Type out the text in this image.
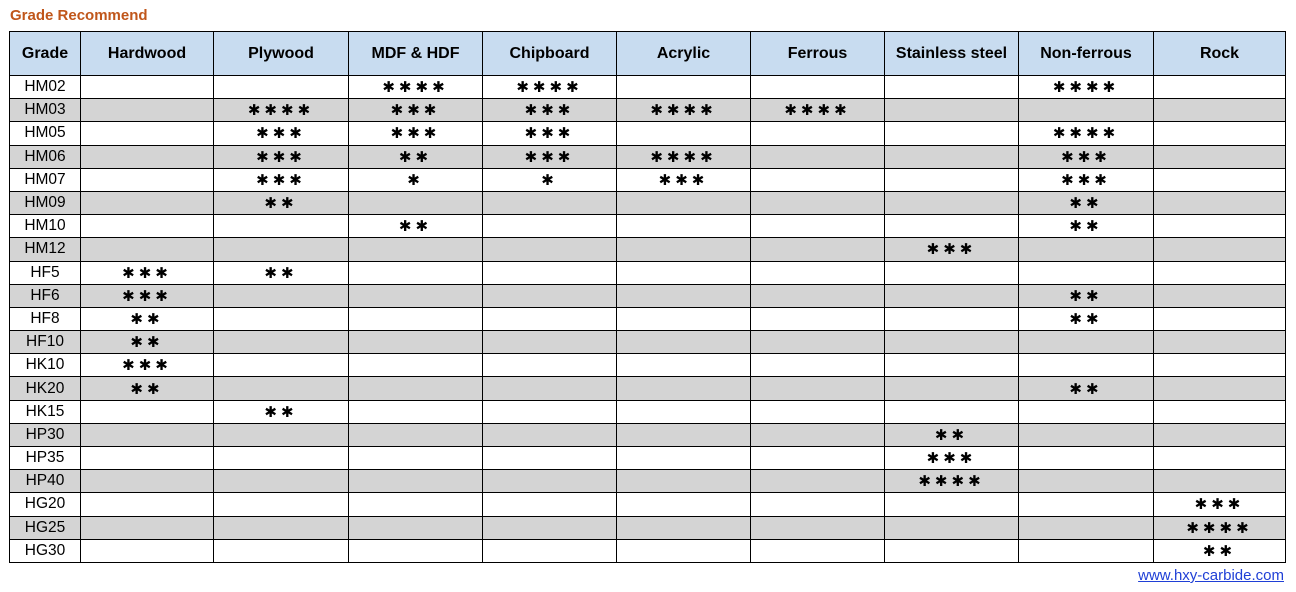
Grade Recommend
Grade	Hardwood	Plywood	MDF & HDF	Chipboard	Acrylic	Ferrous	Stainless steel	Non-ferrous	Rock
HM02			✱✱✱✱	✱✱✱✱				✱✱✱✱	
HM03		✱✱✱✱	✱✱✱	✱✱✱	✱✱✱✱	✱✱✱✱			
HM05		✱✱✱	✱✱✱	✱✱✱				✱✱✱✱	
HM06		✱✱✱	✱✱	✱✱✱	✱✱✱✱			✱✱✱	
HM07		✱✱✱	✱	✱	✱✱✱			✱✱✱	
HM09		✱✱						✱✱	
HM10			✱✱					✱✱	
HM12							✱✱✱		
HF5	✱✱✱	✱✱							
HF6	✱✱✱							✱✱	
HF8	✱✱							✱✱	
HF10	✱✱								
HK10	✱✱✱								
HK20	✱✱							✱✱	
HK15		✱✱							
HP30							✱✱		
HP35							✱✱✱		
HP40							✱✱✱✱		
HG20									✱✱✱
HG25									✱✱✱✱
HG30									✱✱
www.hxy-carbide.com
